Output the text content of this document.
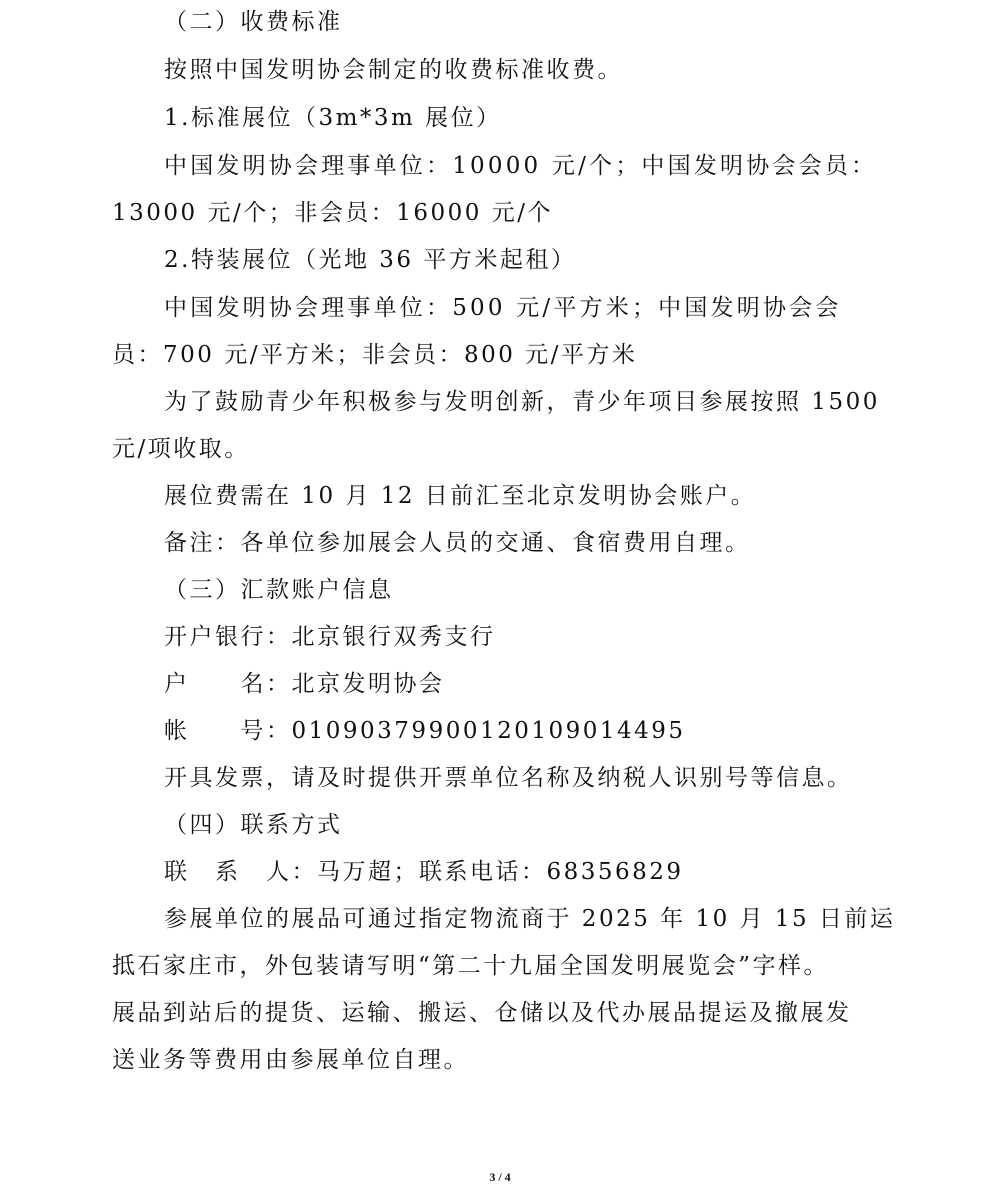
（二）收费标准
按照中国发明协会制定的收费标准收费。
1.标准展位（3m*3m 展位）
中国发明协会理事单位：10000 元/个；中国发明协会会员：
13000 元/个；非会员：16000 元/个
2.特装展位（光地 36 平方米起租）
中国发明协会理事单位：500 元/平方米；中国发明协会会
员：700 元/平方米；非会员：800 元/平方米
为了鼓励青少年积极参与发明创新，青少年项目参展按照 1500
元/项收取。
展位费需在 10 月 12 日前汇至北京发明协会账户。
备注：各单位参加展会人员的交通、食宿费用自理。
（三）汇款账户信息
开户银行：北京银行双秀支行
户　　名：北京发明协会
帐　　号：01090379900120109014495
开具发票，请及时提供开票单位名称及纳税人识别号等信息。
（四）联系方式
联　系　人：马万超；联系电话：68356829
参展单位的展品可通过指定物流商于 2025 年 10 月 15 日前运
抵石家庄市，外包装请写明“第二十九届全国发明展览会”字样。
展品到站后的提货、运输、搬运、仓储以及代办展品提运及撤展发
送业务等费用由参展单位自理。
3 / 4
